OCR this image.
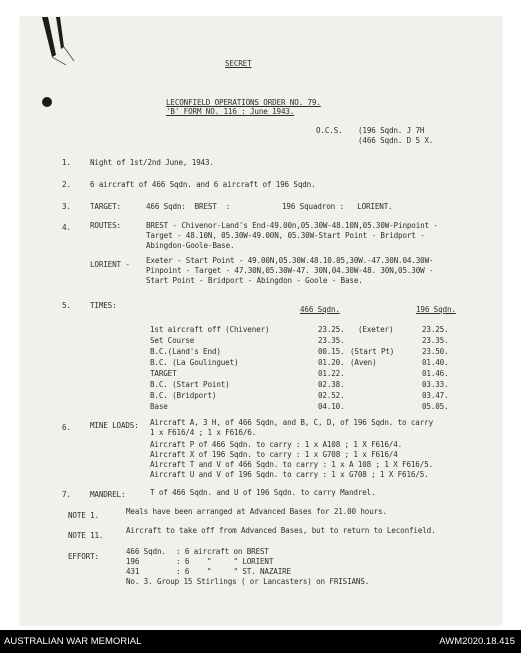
SECRET
LECONFIELD OPERATIONS ORDER NO. 79.
'B' FORM NO. 116 : June 1943.
O.C.S. (196 Sqdn. J 7H
(466 Sqdn. D 5 X.
1.	Night of 1st/2nd June, 1943.
2.	6 aircraft of 466 Sqdn. and 6 aircraft of 196 Sqdn.
3.	TARGET:	466 Sqdn:  BREST  :	196 Squadron :   LORIENT.
4.	ROUTES:	BREST - Chivenor-Land's End-49.00n,05.30W-48.10N,05.30W-Pinpoint -
Target - 48.10N, 05.30W-49.00N, 05.30W-Start Point - Bridport -
Abingdon-Goole-Base.
LORIENT - Exeter - Start Point - 49.00N,05.30W.48.10.05,30W.-47.30N.04.30W-
Pinpoint - Target - 47.30N,05.30W-47. 30N,04.30W-48. 30N,05.30W -
Start Point - Bridport - Abingdon - Goole - Base.
5.	TIMES:	466 Sqdn.	196 Sqdn.
1st aircraft off (Chivener)	23.25. (Exeter)	23.25.
Set Course	23.35.	23.35.
B.C.(Land's End)	00.15. (Start Pt)	23.50.
B.C. (La Goulinguet)	01.20. (Aven)	01.40.
TARGET	01.22.	01.46.
B.C. (Start Point)	02.38.	03.33.
B.C. (Bridport)	02.52.	03.47.
Base	04.10.	05.05.
6.	MINE LOADS: Aircraft A, 3 H, of 466 Sqdn, and B, C, D, of 196 Sqdn. to carry
1 x F616/4 ; 1 x F616/6.
Aircraft P of 466 Sqdn. to carry : 1 x A108 ; 1 X F616/4.
Aircraft X of 196 Sqdn. to carry : 1 x G708 ; 1 x F616/4
Aircraft T and V of 466 Sqdn. to carry : 1 x A 108 ; 1 X F616/5.
Aircraft U and V of 196 Sqdn. to carry : 1 x G708 ; 1 X F616/5.
7.	MANDREL:	T of 466 Sqdn. and U of 196 Sqdn. to carry Mandrel.
NOTE 1.	Meals have been arranged at Advanced Bases for 21.00 hours.
NOTE 11.
Aircraft to take off from Advanced Bases, but to return to Leconfield.
EFFORT:
466 Sqdn. : 6 aircraft on BREST
196	: 6    "     " LORIENT
431	: 6    "     " ST. NAZAIRE
No. 3. Group 15 Stirlings ( or Lancasters) on FRISIANS.
AUSTRALIAN WAR MEMORIAL	AWM2020.18.415
